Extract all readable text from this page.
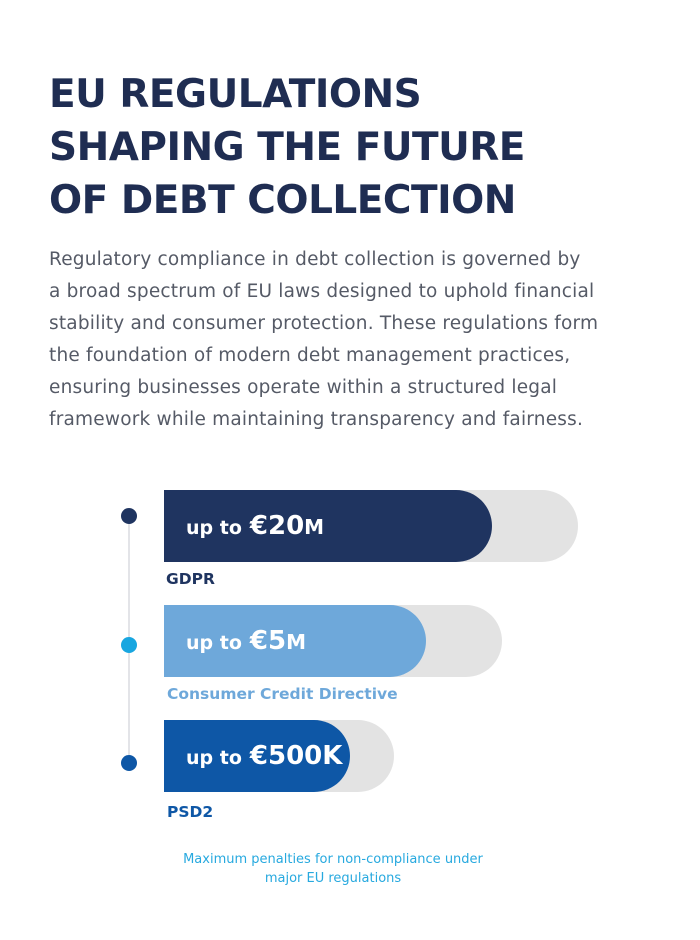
EU REGULATIONS
SHAPING THE FUTURE
OF DEBT COLLECTION

Regulatory compliance in debt collection is governed by
a broad spectrum of EU laws designed to uphold financial
stability and consumer protection. These regulations form
the foundation of modern debt management practices,
ensuring businesses operate within a structured legal
framework while maintaining transparency and fairness.

up to €20 M
GDPR
up to €5 M
Consumer Credit Directive
up to €500K
PSD2

Maximum penalties for non-compliance under
major EU regulations
